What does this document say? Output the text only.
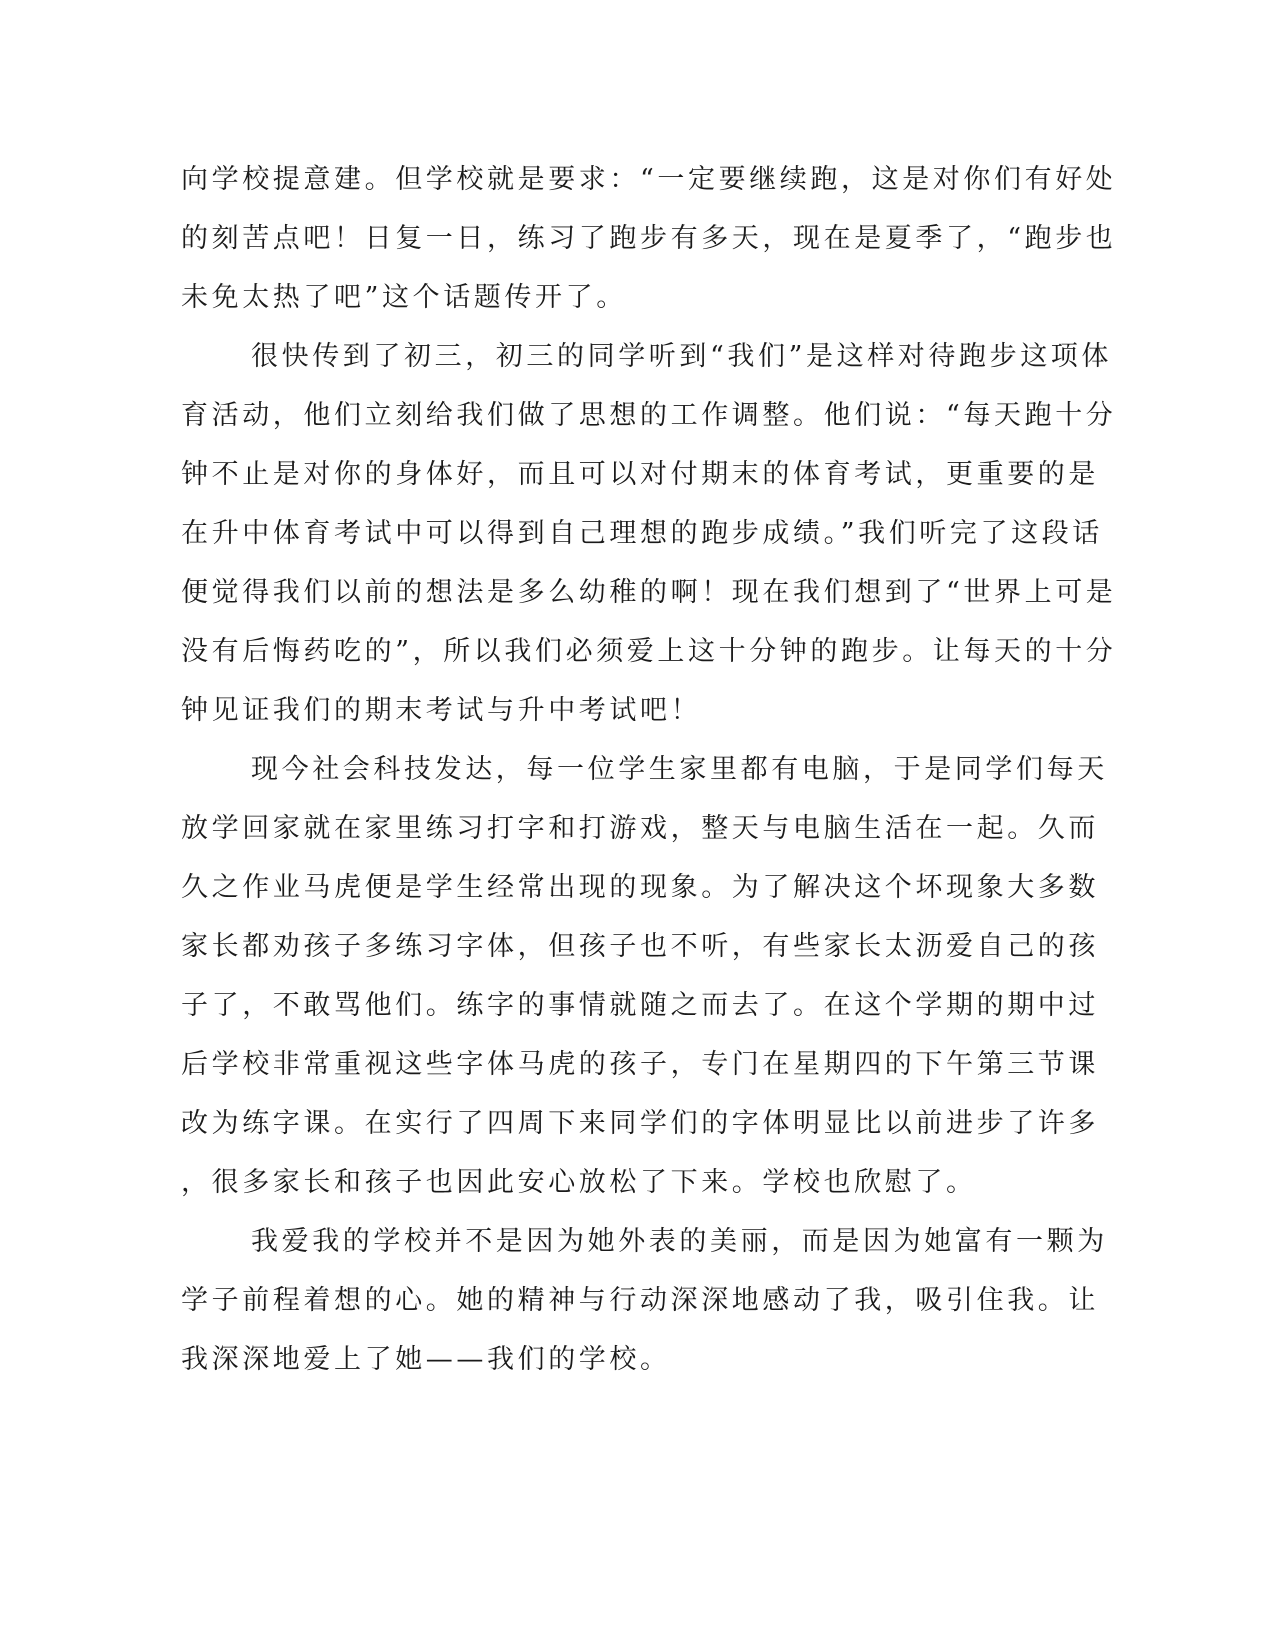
向学校提意建。但学校就是要求：“一定要继续跑，这是对你们有好处
的刻苦点吧！日复一日，练习了跑步有多天，现在是夏季了，“跑步也
未免太热了吧”这个话题传开了。
很快传到了初三，初三的同学听到“我们”是这样对待跑步这项体
育活动，他们立刻给我们做了思想的工作调整。他们说：“每天跑十分
钟不止是对你的身体好，而且可以对付期末的体育考试，更重要的是
在升中体育考试中可以得到自己理想的跑步成绩。”我们听完了这段话
便觉得我们以前的想法是多么幼稚的啊！现在我们想到了“世界上可是
没有后悔药吃的”，所以我们必须爱上这十分钟的跑步。让每天的十分
钟见证我们的期末考试与升中考试吧！
现今社会科技发达，每一位学生家里都有电脑，于是同学们每天
放学回家就在家里练习打字和打游戏，整天与电脑生活在一起。久而
久之作业马虎便是学生经常出现的现象。为了解决这个坏现象大多数
家长都劝孩子多练习字体，但孩子也不听，有些家长太沥爱自己的孩
子了，不敢骂他们。练字的事情就随之而去了。在这个学期的期中过
后学校非常重视这些字体马虎的孩子，专门在星期四的下午第三节课
改为练字课。在实行了四周下来同学们的字体明显比以前进步了许多
，很多家长和孩子也因此安心放松了下来。学校也欣慰了。
我爱我的学校并不是因为她外表的美丽，而是因为她富有一颗为
学子前程着想的心。她的精神与行动深深地感动了我，吸引住我。让
我深深地爱上了她——我们的学校。
